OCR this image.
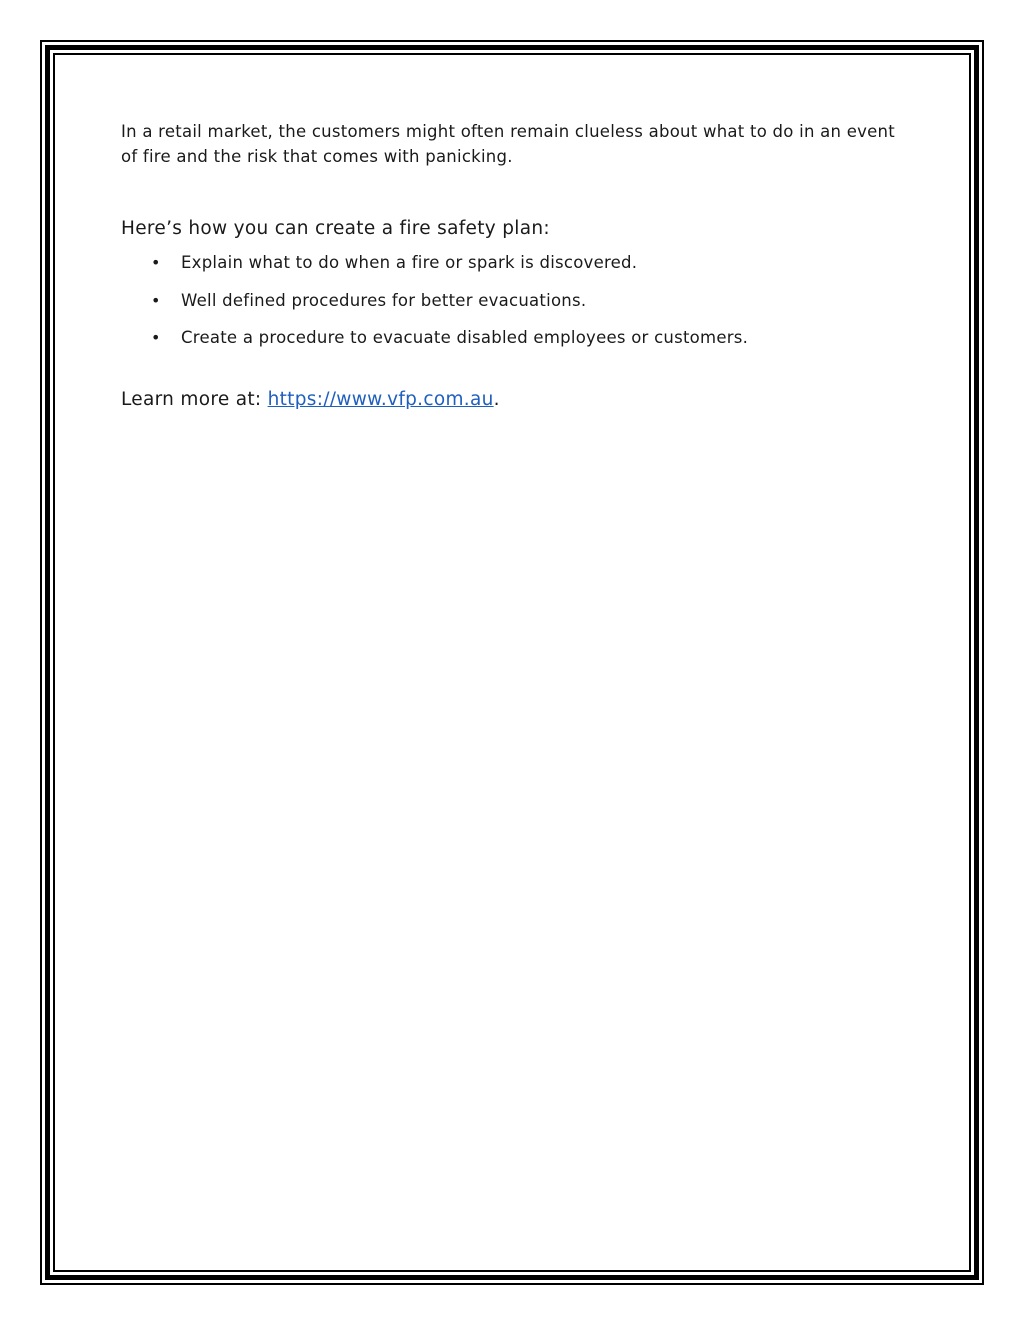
In a retail market, the customers might often remain clueless about what to do in an event of fire and the risk that comes with panicking.

Here’s how you can create a fire safety plan:
• Explain what to do when a fire or spark is discovered.
• Well defined procedures for better evacuations.
• Create a procedure to evacuate disabled employees or customers.

Learn more at: https://www.vfp.com.au.
